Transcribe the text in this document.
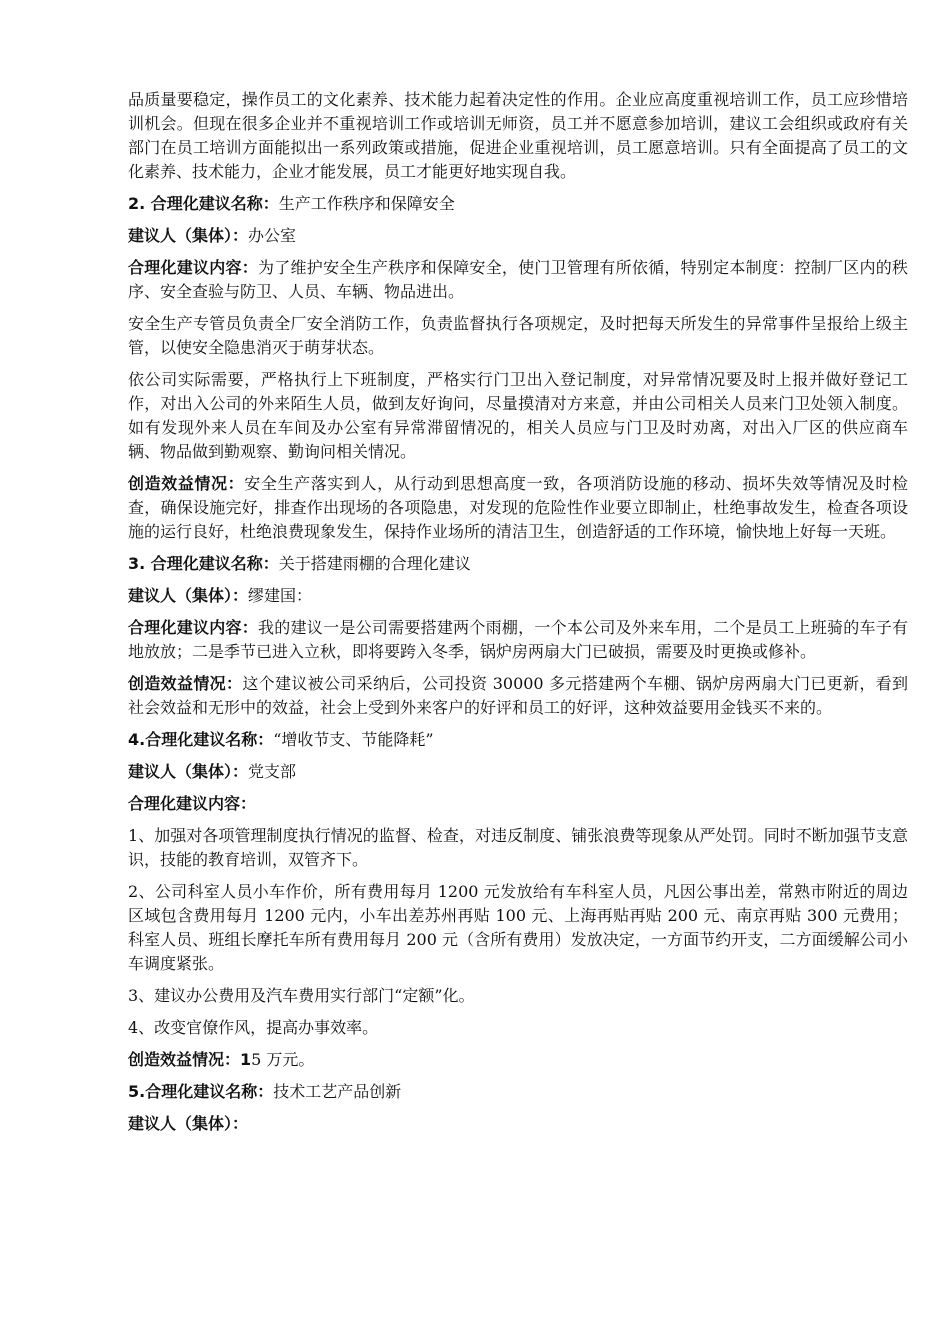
品质量要稳定，操作员工的文化素养、技术能力起着决定性的作用。企业应高度重视培训工作，员工应珍惜培训机会。但现在很多企业并不重视培训工作或培训无师资，员工并不愿意参加培训，建议工会组织或政府有关部门在员工培训方面能拟出一系列政策或措施，促进企业重视培训，员工愿意培训。只有全面提高了员工的文化素养、技术能力，企业才能发展，员工才能更好地实现自我。

2. 合理化建议名称：生产工作秩序和保障安全

建议人（集体）：办公室

合理化建议内容：为了维护安全生产秩序和保障安全，使门卫管理有所依循，特别定本制度：控制厂区内的秩序、安全查验与防卫、人员、车辆、物品进出。

安全生产专管员负责全厂安全消防工作，负责监督执行各项规定，及时把每天所发生的异常事件呈报给上级主管，以使安全隐患消灭于萌芽状态。

依公司实际需要，严格执行上下班制度，严格实行门卫出入登记制度，对异常情况要及时上报并做好登记工作，对出入公司的外来陌生人员，做到友好询问，尽量摸清对方来意，并由公司相关人员来门卫处领入制度。如有发现外来人员在车间及办公室有异常滞留情况的，相关人员应与门卫及时劝离，对出入厂区的供应商车辆、物品做到勤观察、勤询问相关情况。

创造效益情况：安全生产落实到人，从行动到思想高度一致，各项消防设施的移动、损坏失效等情况及时检查，确保设施完好，排查作出现场的各项隐患，对发现的危险性作业要立即制止，杜绝事故发生，检查各项设施的运行良好，杜绝浪费现象发生，保持作业场所的清洁卫生，创造舒适的工作环境，愉快地上好每一天班。

3. 合理化建议名称：关于搭建雨棚的合理化建议

建议人（集体）：缪建国：

合理化建议内容：我的建议一是公司需要搭建两个雨棚，一个本公司及外来车用，二个是员工上班骑的车子有地放放；二是季节已进入立秋，即将要跨入冬季，锅炉房两扇大门已破损，需要及时更换或修补。

创造效益情况：这个建议被公司采纳后，公司投资 30000 多元搭建两个车棚、锅炉房两扇大门已更新，看到社会效益和无形中的效益，社会上受到外来客户的好评和员工的好评，这种效益要用金钱买不来的。

4.合理化建议名称：“增收节支、节能降耗”

建议人（集体）：党支部

合理化建议内容：

1、加强对各项管理制度执行情况的监督、检查，对违反制度、铺张浪费等现象从严处罚。同时不断加强节支意识，技能的教育培训，双管齐下。

2、公司科室人员小车作价，所有费用每月 1200 元发放给有车科室人员，凡因公事出差，常熟市附近的周边区域包含费用每月 1200 元内，小车出差苏州再贴 100 元、上海再贴再贴 200 元、南京再贴 300 元费用；科室人员、班组长摩托车所有费用每月 200 元（含所有费用）发放决定，一方面节约开支，二方面缓解公司小车调度紧张。

3、建议办公费用及汽车费用实行部门“定额”化。

4、改变官僚作风，提高办事效率。

创造效益情况：15 万元。

5.合理化建议名称：技术工艺产品创新

建议人（集体）：
